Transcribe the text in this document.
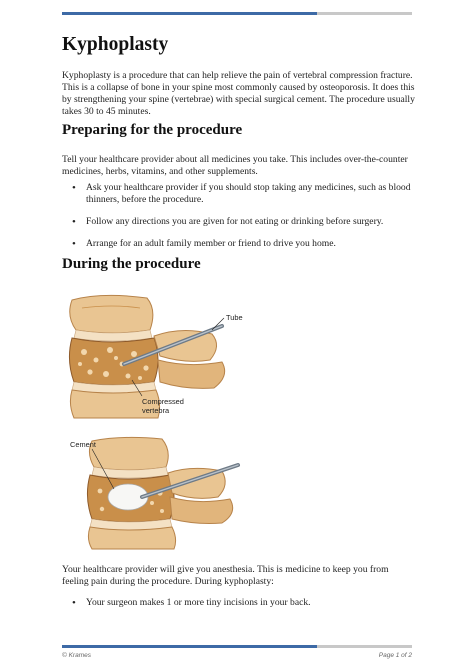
Kyphoplasty

Kyphoplasty is a procedure that can help relieve the pain of vertebral compression fracture. This is a collapse of bone in your spine most commonly caused by osteoporosis. It does this by strengthening your spine (vertebrae) with special surgical cement. The procedure usually takes 30 to 45 minutes.

Preparing for the procedure

Tell your healthcare provider about all medicines you take. This includes over-the-counter medicines, herbs, vitamins, and other supplements.

• Ask your healthcare provider if you should stop taking any medicines, such as blood thinners, before the procedure.
• Follow any directions you are given for not eating or drinking before surgery.
• Arrange for an adult family member or friend to drive you home.
During the procedure
Tube
Compressed
vertebra
Cement

Your healthcare provider will give you anesthesia. This is medicine to keep you from feeling pain during the procedure. During kyphoplasty:

• Your surgeon makes 1 or more tiny incisions in your back.
© Krames	Page 1 of 2
